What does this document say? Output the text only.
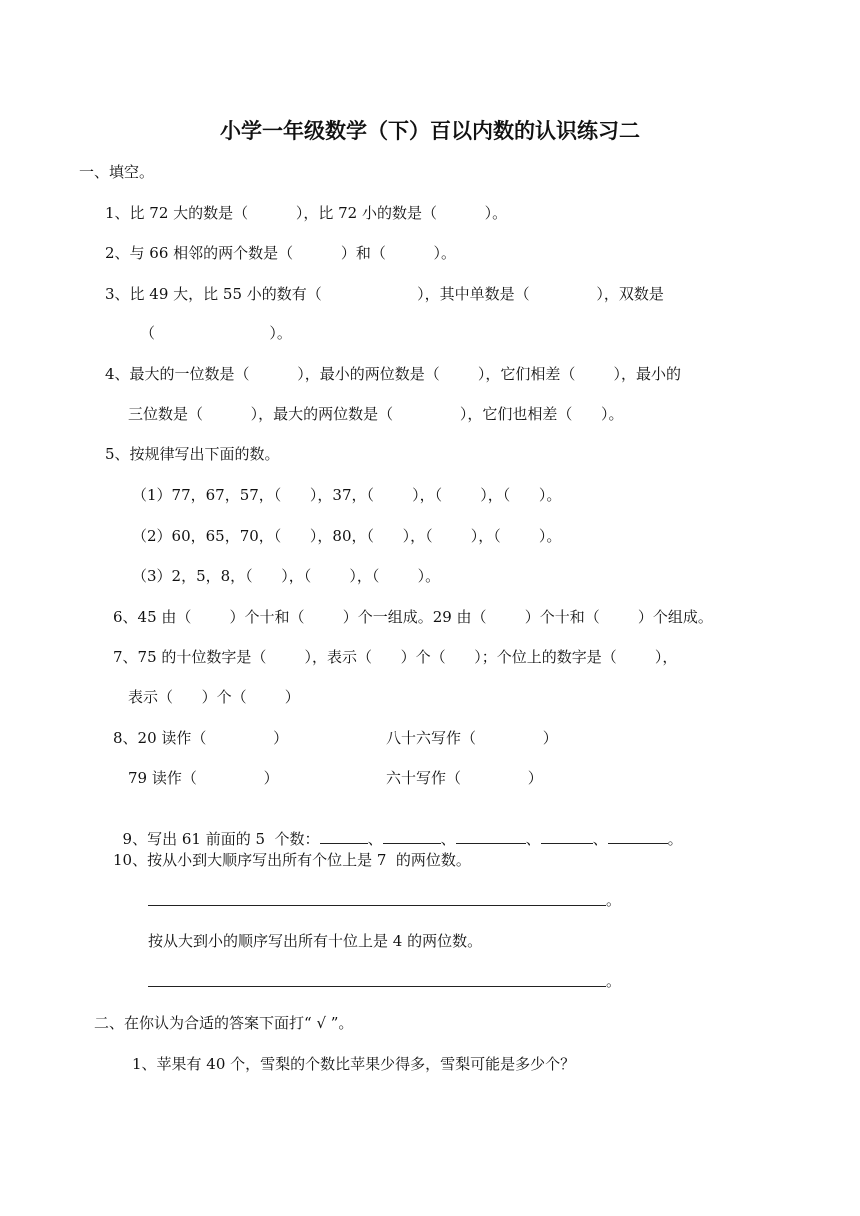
小学一年级数学（下）百以内数的认识练习二
一、填空。
1、比 72 大的数是（          ），比 72 小的数是（          ）。
2、与 66 相邻的两个数是（          ）和（          ）。
3、比 49 大，比 55 小的数有（                    ），其中单数是（              ），双数是
（                        ）。
4、最大的一位数是（          ），最小的两位数是（        ），它们相差（        ），最小的
三位数是（          ），最大的两位数是（              ），它们也相差（      ）。
5、按规律写出下面的数。
（1）77，67，57，（      ），37，（        ），（        ），（      ）。
（2）60，65，70，（      ），80，（      ），（        ），（        ）。
（3）2，5，8，（      ），（        ），（        ）。
6、45 由（        ）个十和（        ）个一组成。29 由（        ）个十和（        ）个组成。
7、75 的十位数字是（        ），表示（      ）个（      ）；个位上的数字是（        ），
表示（      ）个（        ）
8、20 读作（              ）	八十六写作（              ）
79 读作（              ）	六十写作（              ）

9、写出 61 前面的 5  个数：	、	、	、	、	。

10、按从小到大顺序写出所有个位上是 7  的两位数。
。
按从大到小的顺序写出所有十位上是 4 的两位数。
。
二、在你认为合适的答案下面打“ √ ”。
1、苹果有 40 个，雪梨的个数比苹果少得多，雪梨可能是多少个？
